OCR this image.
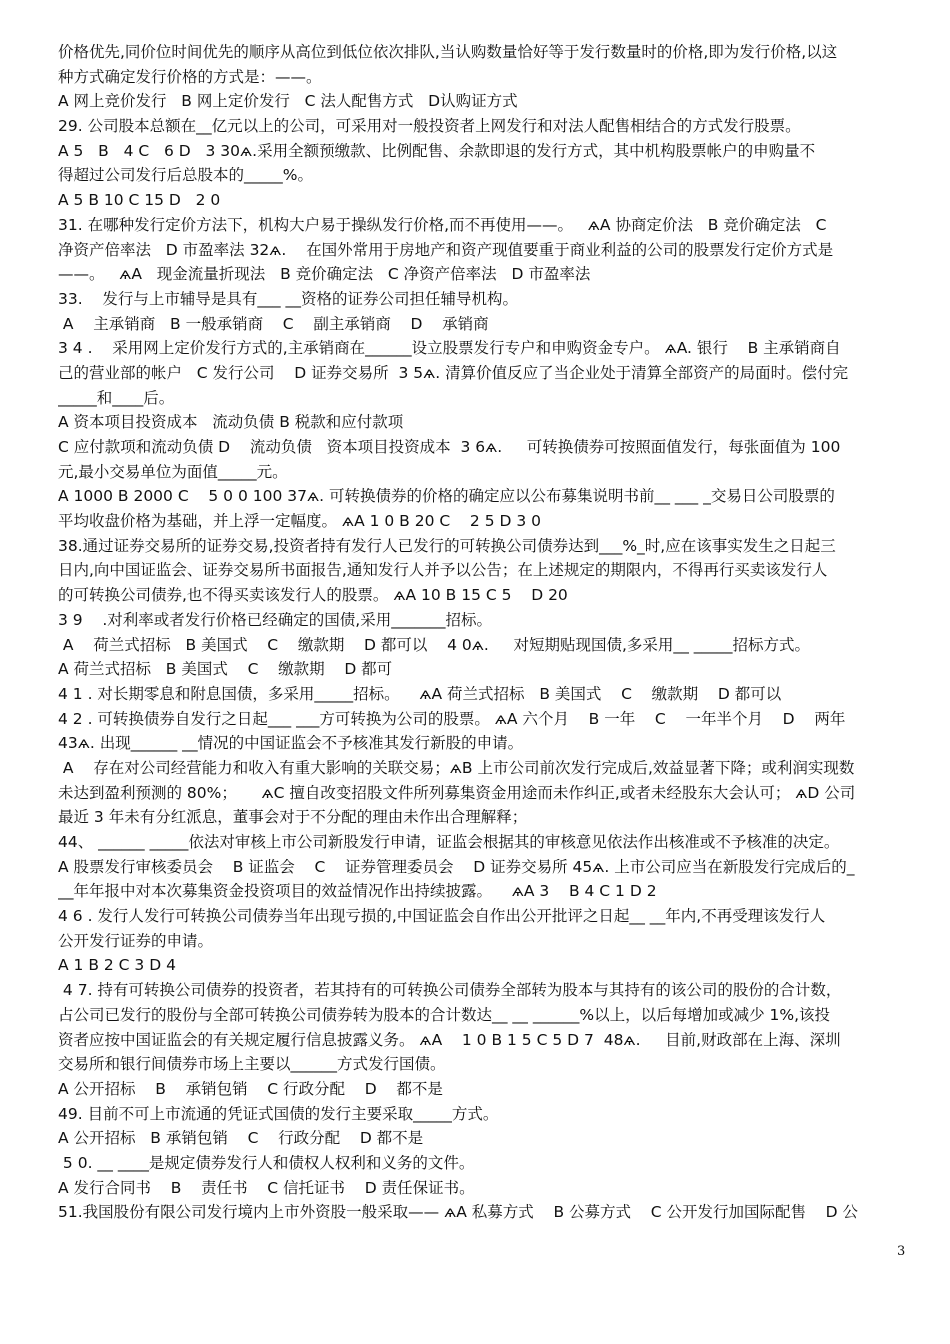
价格优先,同价位时间优先的顺序从高位到低位依次排队,当认购数量恰好等于发行数量时的价格,即为发行价格,以这
种方式确定发行价格的方式是：——。
A 网上竞价发行   B 网上定价发行   C 法人配售方式   D认购证方式
29. 公司股本总额在__亿元以上的公司，可采用对一般投资者上网发行和对法人配售相结合的方式发行股票。
A 5   B   4 C   6 D   3 30ѧ.采用全额预缴款、比例配售、余款即退的发行方式，其中机构股票帐户的申购量不
得超过公司发行后总股本的_____%。
A 5 B 10 C 15 D   2 0
31. 在哪种发行定价方法下，机构大户易于操纵发行价格,而不再使用——。   ѧA 协商定价法   B 竞价确定法   C
净资产倍率法   D 市盈率法 32ѧ.    在国外常用于房地产和资产现值要重于商业利益的公司的股票发行定价方式是
——。   ѧA   现金流量折现法   B 竞价确定法   C 净资产倍率法   D 市盈率法
33.    发行与上市辅导是具有___ __资格的证券公司担任辅导机构。
A    主承销商   B 一般承销商    C    副主承销商    D    承销商
3 4 .    采用网上定价发行方式的,主承销商在______设立股票发行专户和申购资金专户。 ѧA. 银行    B 主承销商自
己的营业部的帐户   C 发行公司    D 证券交易所  3 5ѧ. 清算价值反应了当企业处于清算全部资产的局面时。偿付完
_____和____后。
A 资本项目投资成本   流动负债 B 税款和应付款项
C 应付款项和流动负债 D    流动负债   资本项目投资成本  3 6ѧ.     可转换债券可按照面值发行，每张面值为 100
元,最小交易单位为面值_____元。
A 1000 B 2000 C    5 0 0 100 37ѧ. 可转换债券的价格的确定应以公布募集说明书前__ ___ _交易日公司股票的
平均收盘价格为基础，并上浮一定幅度。 ѧA 1 0 B 20 C    2 5 D 3 0
38.通过证券交易所的证券交易,投资者持有发行人已发行的可转换公司债券达到___%_时,应在该事实发生之日起三
日内,向中国证监会、证券交易所书面报告,通知发行人并予以公告；在上述规定的期限内，不得再行买卖该发行人
的可转换公司债券,也不得买卖该发行人的股票。 ѧA 10 B 15 C 5    D 20
3 9    .对利率或者发行价格已经确定的国债,采用_______招标。
A    荷兰式招标   B 美国式    C    缴款期    D 都可以    4 0ѧ.     对短期贴现国债,多采用__ _____招标方式。
A 荷兰式招标   B 美国式    C    缴款期    D 都可
4 1 . 对长期零息和附息国债，多采用_____招标。    ѧA 荷兰式招标   B 美国式    C    缴款期    D 都可以
4 2 . 可转换债券自发行之日起___ ___方可转换为公司的股票。 ѧA 六个月    B 一年    C    一年半个月    D    两年
43ѧ. 出现______ __情况的中国证监会不予核准其发行新股的申请。
A    存在对公司经营能力和收入有重大影响的关联交易；ѧB 上市公司前次发行完成后,效益显著下降；或利润实现数
未达到盈利预测的 80%；     ѧC 擅自改变招股文件所列募集资金用途而未作纠正,或者未经股东大会认可； ѧD 公司
最近 3 年未有分红派息，董事会对于不分配的理由未作出合理解释；
44、 ______ _____依法对审核上市公司新股发行申请，证监会根据其的审核意见依法作出核准或不予核准的决定。
A 股票发行审核委员会    B 证监会    C    证券管理委员会    D 证券交易所 45ѧ. 上市公司应当在新股发行完成后的_
__年年报中对本次募集资金投资项目的效益情况作出持续披露。    ѧA 3    B 4 C 1 D 2
4 6 . 发行人发行可转换公司债券当年出现亏损的,中国证监会自作出公开批评之日起__ __年内,不再受理该发行人
公开发行证券的申请。
A 1 B 2 C 3 D 4
4 7. 持有可转换公司债券的投资者，若其持有的可转换公司债券全部转为股本与其持有的该公司的股份的合计数，
占公司已发行的股份与全部可转换公司债券转为股本的合计数达__ __ ______%以上，以后每增加或减少 1%,该投
资者应按中国证监会的有关规定履行信息披露义务。 ѧA    1 0 B 1 5 C 5 D 7  48ѧ.     目前,财政部在上海、深圳
交易所和银行间债券市场上主要以______方式发行国债。
A 公开招标    B    承销包销    C 行政分配    D    都不是
49. 目前不可上市流通的凭证式国债的发行主要采取_____方式。
A 公开招标   B 承销包销    C    行政分配    D 都不是
5 0. __ ____是规定债券发行人和债权人权利和义务的文件。
A 发行合同书    B    责任书    C 信托证书    D 责任保证书。
51.我国股份有限公司发行境内上市外资股一般采取—— ѧA 私募方式    B 公募方式    C 公开发行加国际配售    D 公
3
